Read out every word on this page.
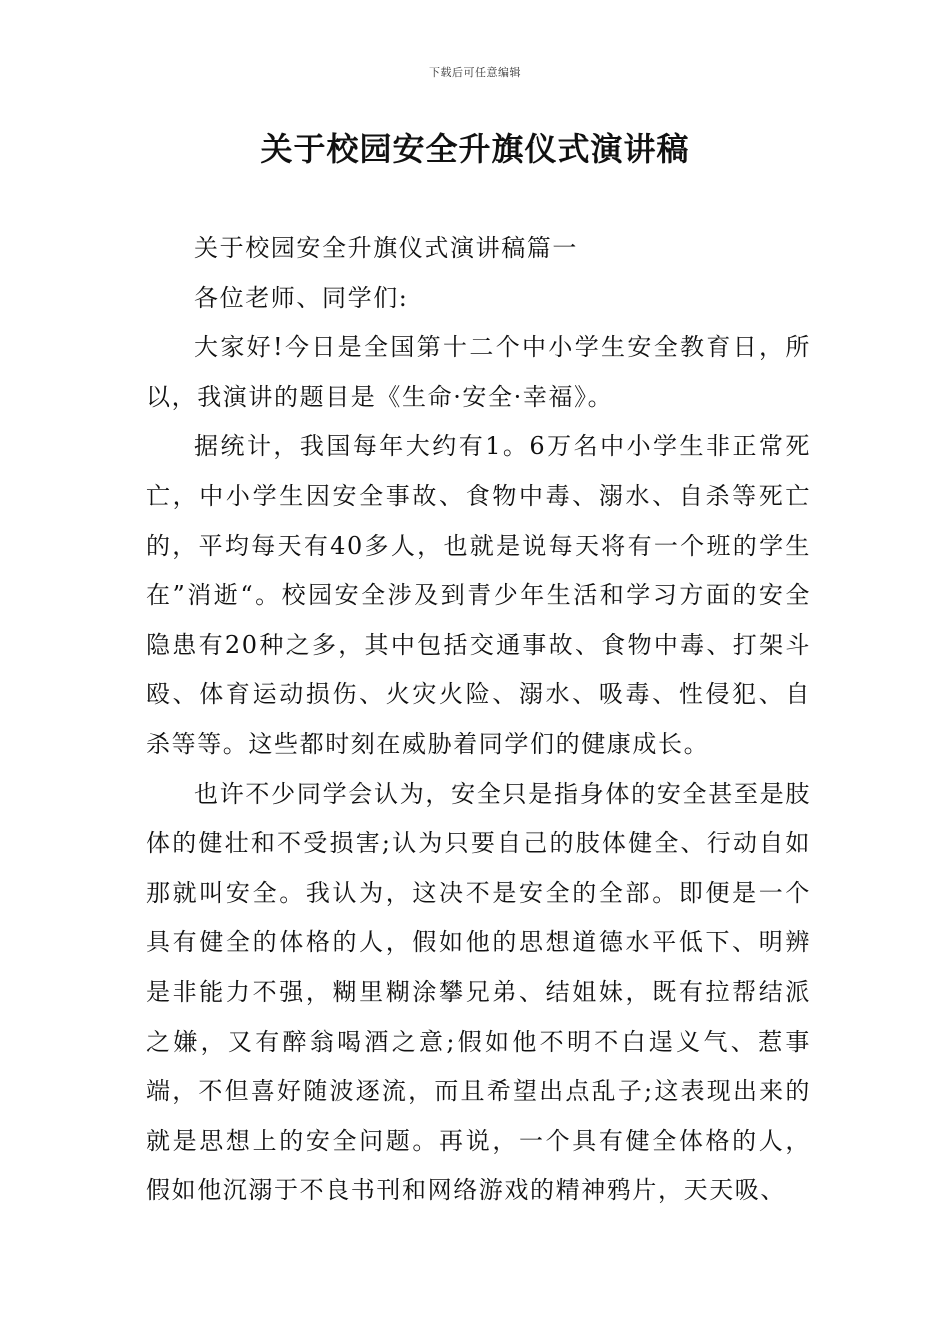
下载后可任意编辑
关于校园安全升旗仪式演讲稿

关于校园安全升旗仪式演讲稿篇一

各位老师、同学们:

大家好!今日是全国第十二个中小学生安全教育日，所以，我演讲的题目是《生命·安全·幸福》。

据统计，我国每年大约有1。6万名中小学生非正常死亡，中小学生因安全事故、食物中毒、溺水、自杀等死亡的，平均每天有40多人，也就是说每天将有一个班的学生在”消逝“。校园安全涉及到青少年生活和学习方面的安全隐患有20种之多，其中包括交通事故、食物中毒、打架斗殴、体育运动损伤、火灾火险、溺水、吸毒、性侵犯、自杀等等。这些都时刻在威胁着同学们的健康成长。

也许不少同学会认为，安全只是指身体的安全甚至是肢体的健壮和不受损害;认为只要自己的肢体健全、行动自如那就叫安全。我认为，这决不是安全的全部。即便是一个具有健全的体格的人，假如他的思想道德水平低下、明辨是非能力不强，糊里糊涂攀兄弟、结姐妹，既有拉帮结派之嫌，又有醉翁喝酒之意;假如他不明不白逞义气、惹事端，不但喜好随波逐流，而且希望出点乱子;这表现出来的就是思想上的安全问题。再说，一个具有健全体格的人，假如他沉溺于不良书刊和网络游戏的精神鸦片，天天吸、
